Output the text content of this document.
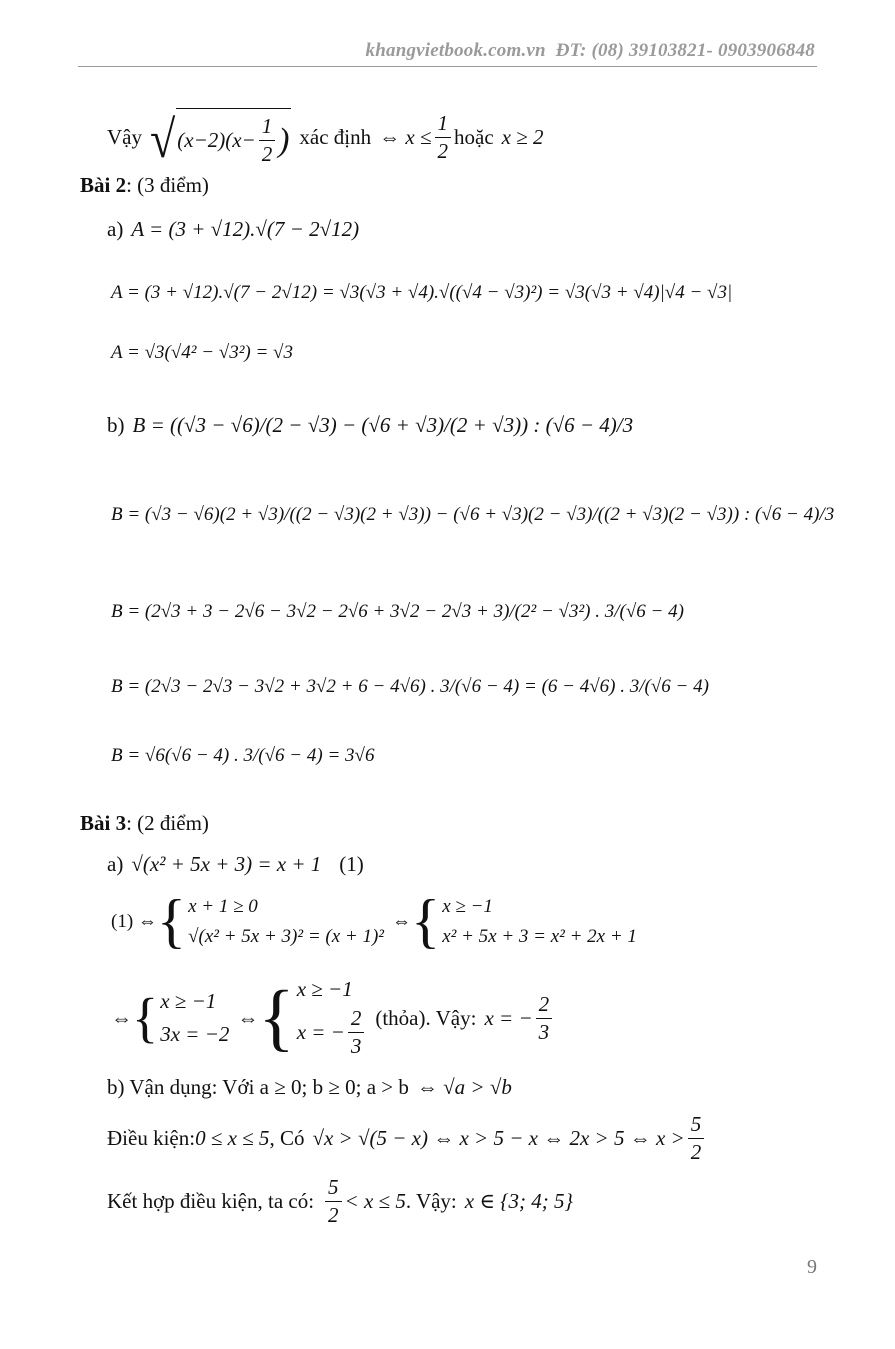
khangvietbook.com.vn ĐT: (08) 39103821- 0903906848
Vậy √ $(x-2)(x- \frac{1}{2}$ ) xác định ⇔ $x \le \frac{1}{2}$ hoặc x ≥ 2
Bài 2 : (3 điểm)
a) A = (3 + √12).√(7 − 2√12)
A = (3 + √12).√(7 − 2√12) = √3(√3 + √4).√((√4 − √3)²) = √3(√3 + √4)|√4 − √3|
A = √3(√4² − √3²) = √3
b) B = ((√3 − √6)/(2 − √3) − (√6 + √3)/(2 + √3)) : (√6 − 4)/3
B = (√3 − √6)(2 + √3)/((2 − √3)(2 + √3)) − (√6 + √3)(2 − √3)/((2 + √3)(2 − √3)) : (√6 − 4)/3
B = (2√3 + 3 − 2√6 − 3√2 − 2√6 + 3√2 − 2√3 + 3)/(2² − √3²) . 3/(√6 − 4)
B = (2√3 − 2√3 − 3√2 + 3√2 + 6 − 4√6) . 3/(√6 − 4) = (6 − 4√6) . 3/(√6 − 4)
B = √6(√6 − 4) . 3/(√6 − 4) = 3√6
Bài 3 : (2 điểm)
a) √(x² + 5x + 3) = x + 1 (1)
(1) ⇔ { x + 1 ≥ 0
√(x² + 5x + 3)² = (x + 1)²
⇔ { x ≥ −1
x² + 5x + 3 = x² + 2x + 1
⇔ { x ≥ −1
3x = −2
⇔ { x ≥ −1
x = − $\frac{2}{3}$ (thỏa). Vậy: x = − $\frac{2}{3}$
b) Vận dụng: Với a ≥ 0; b ≥ 0; a > b ⇔ √a > √b
Điều kiện: 0 ≤ x ≤ 5 , Có √x > √(5 − x) ⇔ x > 5 − x ⇔ 2x > 5 ⇔ $x > \frac{5}{2}$
Kết hợp điều kiện, ta có: $\frac{5}{2} < x \le 5$ . Vậy: x ∈ {3; 4; 5}
9
